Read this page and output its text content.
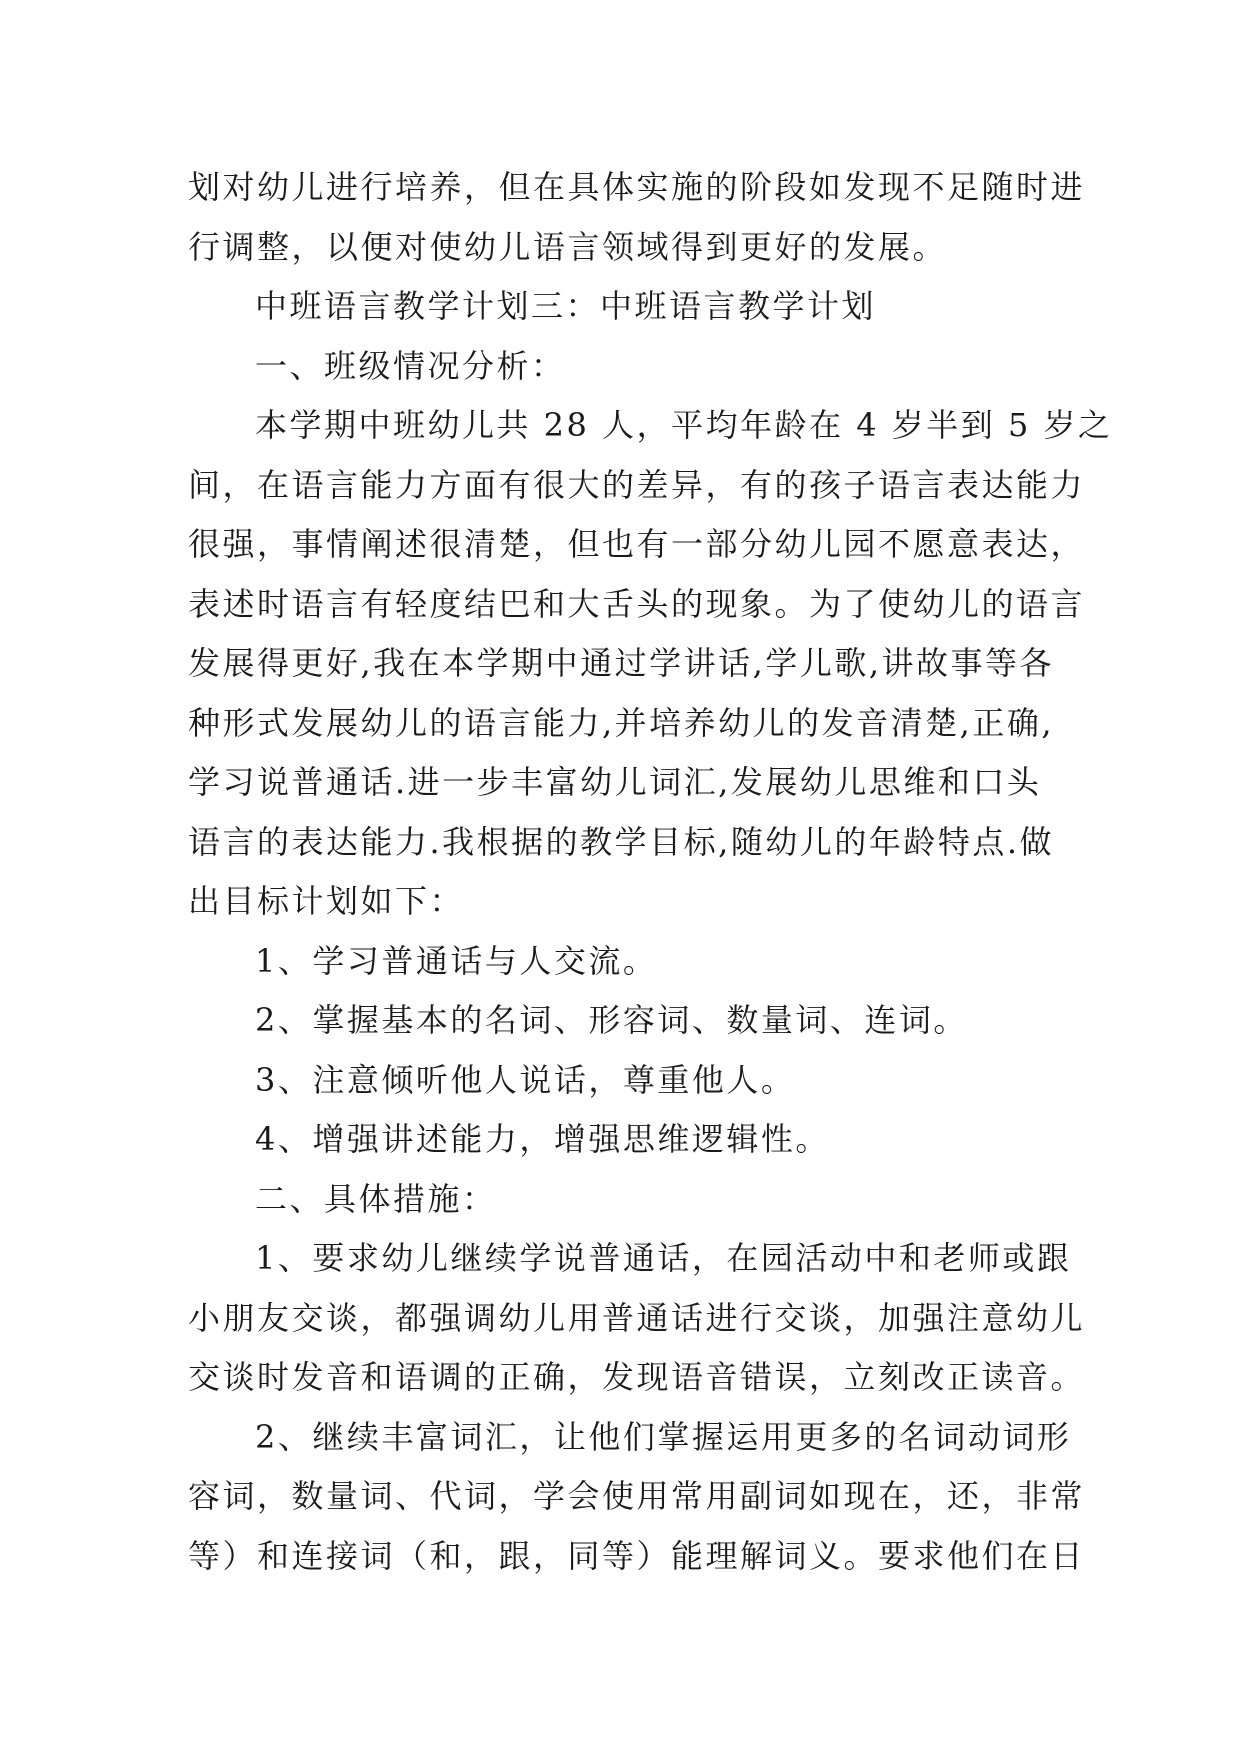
划对幼儿进行培养，但在具体实施的阶段如发现不足随时进
行调整，以便对使幼儿语言领域得到更好的发展。
中班语言教学计划三：中班语言教学计划
一、班级情况分析：
本学期中班幼儿共 28 人，平均年龄在 4 岁半到 5 岁之
间，在语言能力方面有很大的差异，有的孩子语言表达能力
很强，事情阐述很清楚，但也有一部分幼儿园不愿意表达，
表述时语言有轻度结巴和大舌头的现象。为了使幼儿的语言
发展得更好,我在本学期中通过学讲话,学儿歌,讲故事等各
种形式发展幼儿的语言能力,并培养幼儿的发音清楚,正确,
学习说普通话.进一步丰富幼儿词汇,发展幼儿思维和口头
语言的表达能力.我根据的教学目标,随幼儿的年龄特点.做
出目标计划如下：
1、学习普通话与人交流。
2、掌握基本的名词、形容词、数量词、连词。
3、注意倾听他人说话，尊重他人。
4、增强讲述能力，增强思维逻辑性。
二、具体措施：
1、要求幼儿继续学说普通话，在园活动中和老师或跟
小朋友交谈，都强调幼儿用普通话进行交谈，加强注意幼儿
交谈时发音和语调的正确，发现语音错误，立刻改正读音。
2、继续丰富词汇，让他们掌握运用更多的名词动词形
容词，数量词、代词，学会使用常用副词如现在，还，非常
等）和连接词（和，跟，同等）能理解词义。要求他们在日
